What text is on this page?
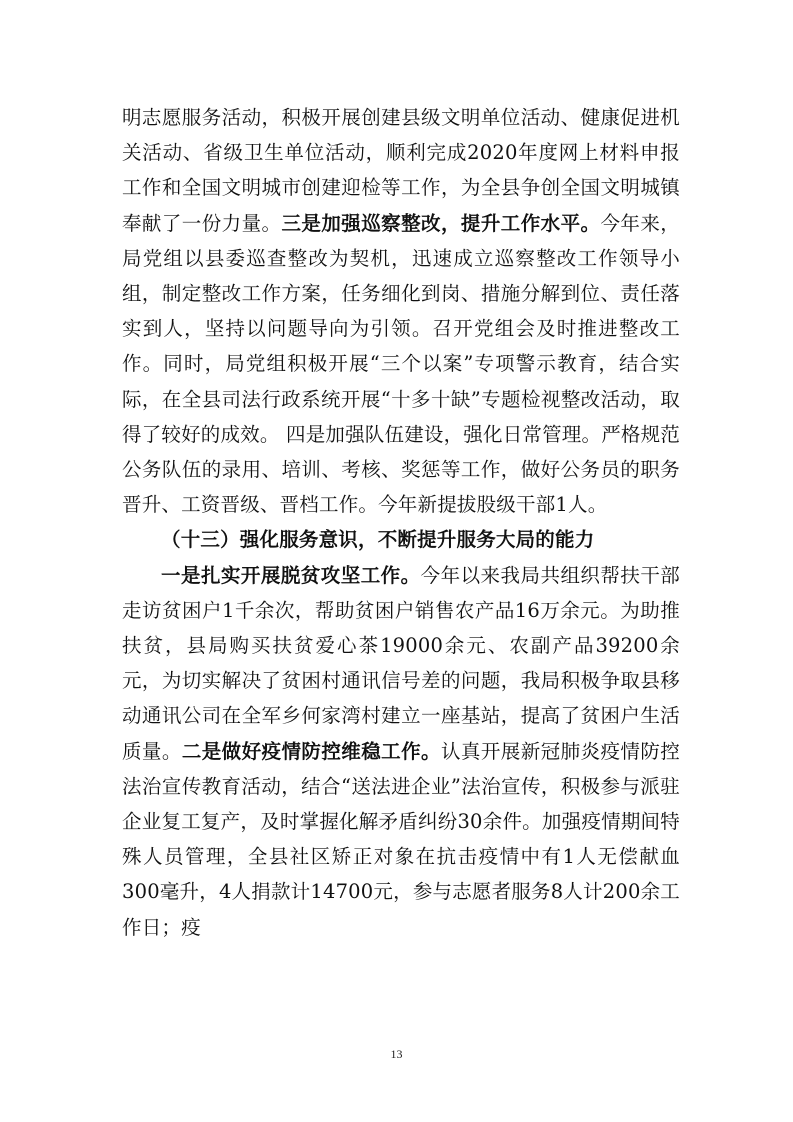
明志愿服务活动，积极开展创建县级文明单位活动、健康促进机关活动、省级卫生单位活动，顺利完成2020年度网上材料申报工作和全国文明城市创建迎检等工作，为全县争创全国文明城镇奉献了一份力量。三是加强巡察整改，提升工作水平。今年来，局党组以县委巡查整改为契机，迅速成立巡察整改工作领导小组，制定整改工作方案，任务细化到岗、措施分解到位、责任落实到人，坚持以问题导向为引领。召开党组会及时推进整改工作。同时，局党组积极开展“三个以案”专项警示教育，结合实际，在全县司法行政系统开展“十多十缺”专题检视整改活动，取得了较好的成效。 四是加强队伍建设，强化日常管理。严格规范公务队伍的录用、培训、考核、奖惩等工作，做好公务员的职务晋升、工资晋级、晋档工作。今年新提拔股级干部1人。

（十三）强化服务意识，不断提升服务大局的能力

一是扎实开展脱贫攻坚工作。今年以来我局共组织帮扶干部走访贫困户1千余次，帮助贫困户销售农产品16万余元。为助推扶贫，县局购买扶贫爱心茶19000余元、农副产品39200余元，为切实解决了贫困村通讯信号差的问题，我局积极争取县移动通讯公司在全军乡何家湾村建立一座基站，提高了贫困户生活质量。二是做好疫情防控维稳工作。认真开展新冠肺炎疫情防控法治宣传教育活动，结合“送法进企业”法治宣传，积极参与派驻企业复工复产，及时掌握化解矛盾纠纷30余件。加强疫情期间特殊人员管理，全县社区矫正对象在抗击疫情中有1人无偿献血300毫升，4人捐款计14700元，参与志愿者服务8人计200余工作日；疫

13
